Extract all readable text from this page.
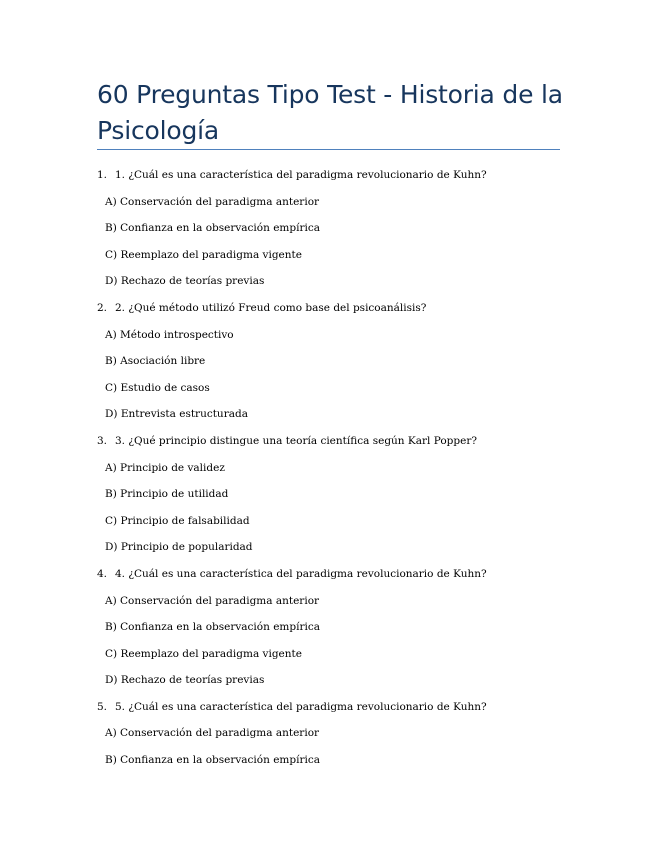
60 Preguntas Tipo Test - Historia de la Psicología
1. 1. ¿Cuál es una característica del paradigma revolucionario de Kuhn?
A) Conservación del paradigma anterior
B) Confianza en la observación empírica
C) Reemplazo del paradigma vigente
D) Rechazo de teorías previas
2. 2. ¿Qué método utilizó Freud como base del psicoanálisis?
A) Método introspectivo
B) Asociación libre
C) Estudio de casos
D) Entrevista estructurada
3. 3. ¿Qué principio distingue una teoría científica según Karl Popper?
A) Principio de validez
B) Principio de utilidad
C) Principio de falsabilidad
D) Principio de popularidad
4. 4. ¿Cuál es una característica del paradigma revolucionario de Kuhn?
A) Conservación del paradigma anterior
B) Confianza en la observación empírica
C) Reemplazo del paradigma vigente
D) Rechazo de teorías previas
5. 5. ¿Cuál es una característica del paradigma revolucionario de Kuhn?
A) Conservación del paradigma anterior
B) Confianza en la observación empírica
